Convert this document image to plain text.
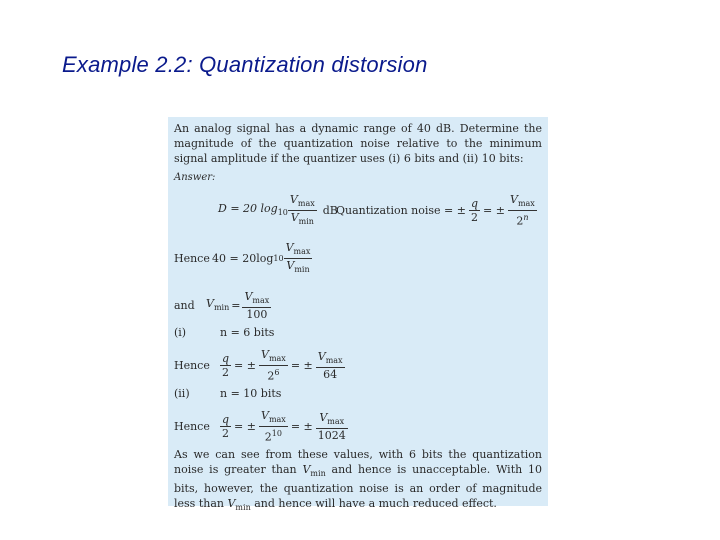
Example 2.2: Quantization distorsion
An analog signal has a dynamic range of 40 dB. Determine the magnitude of the quantization noise relative to the minimum signal amplitude if the quantizer uses (i) 6 bits and (ii) 10 bits:
Answer:
D = 20 $\log_{10} \frac{V_{max}}{V_{min}}$ dB
Quantization noise = ± $\frac{q}{2}$ = ± $\frac{V_{max}}{2^n}$
Hence 40 = 20log $10 \frac{V_{max}}{V_{min}}$
and	$V_{min} = \frac{V_{max}}{100}$
(i)	n = 6 bits
Hence $\frac{q}{2}$ = ± $\frac{V_{max}}{2^6}$ = ± $\frac{V_{max}}{64}$
(ii)	n = 10 bits
Hence $\frac{q}{2}$ = ± $\frac{V_{max}}{2^{10}}$ = ± $\frac{V_{max}}{1024}$
As we can see from these values, with 6 bits the quantization noise is greater than $V_{min}$ and hence is unacceptable. With 10 bits, however, the quantization noise is an order of magnitude less than $V_{min}$ and hence will have a much reduced effect.
